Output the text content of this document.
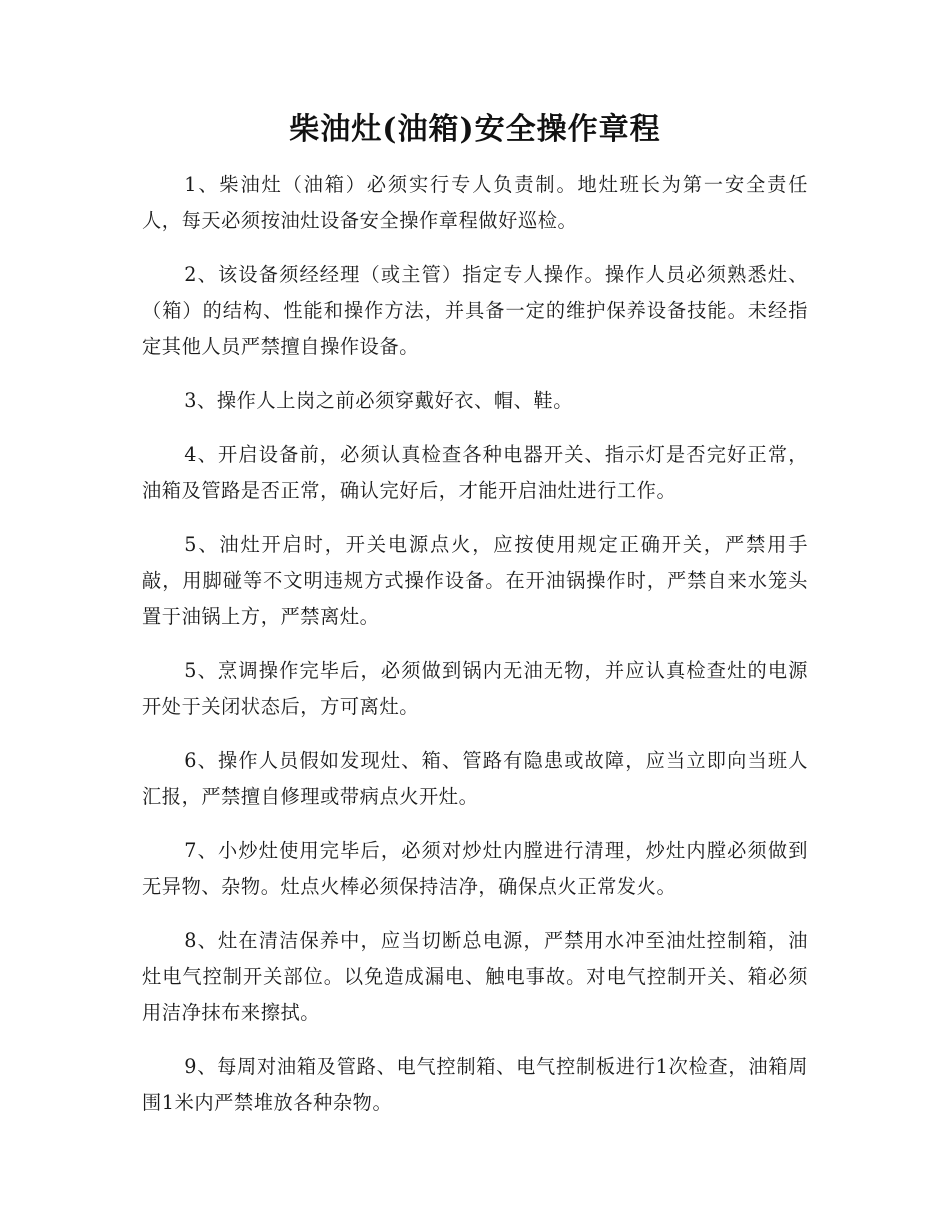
柴油灶(油箱)安全操作章程

1、柴油灶（油箱）必须实行专人负责制。地灶班长为第一安全责任人，每天必须按油灶设备安全操作章程做好巡检。

2、该设备须经经理（或主管）指定专人操作。操作人员必须熟悉灶、（箱）的结构、性能和操作方法，并具备一定的维护保养设备技能。未经指定其他人员严禁擅自操作设备。

3、操作人上岗之前必须穿戴好衣、帽、鞋。

4、开启设备前，必须认真检查各种电器开关、指示灯是否完好正常，油箱及管路是否正常，确认完好后，才能开启油灶进行工作。

5、油灶开启时，开关电源点火，应按使用规定正确开关，严禁用手敲，用脚碰等不文明违规方式操作设备。在开油锅操作时，严禁自来水笼头置于油锅上方，严禁离灶。

5、烹调操作完毕后，必须做到锅内无油无物，并应认真检查灶的电源开处于关闭状态后，方可离灶。

6、操作人员假如发现灶、箱、管路有隐患或故障，应当立即向当班人汇报，严禁擅自修理或带病点火开灶。

7、小炒灶使用完毕后，必须对炒灶内膛进行清理，炒灶内膛必须做到无异物、杂物。灶点火棒必须保持洁净，确保点火正常发火。

8、灶在清洁保养中，应当切断总电源，严禁用水冲至油灶控制箱，油灶电气控制开关部位。以免造成漏电、触电事故。对电气控制开关、箱必须用洁净抹布来擦拭。

9、每周对油箱及管路、电气控制箱、电气控制板进行1次检查，油箱周围1米内严禁堆放各种杂物。
